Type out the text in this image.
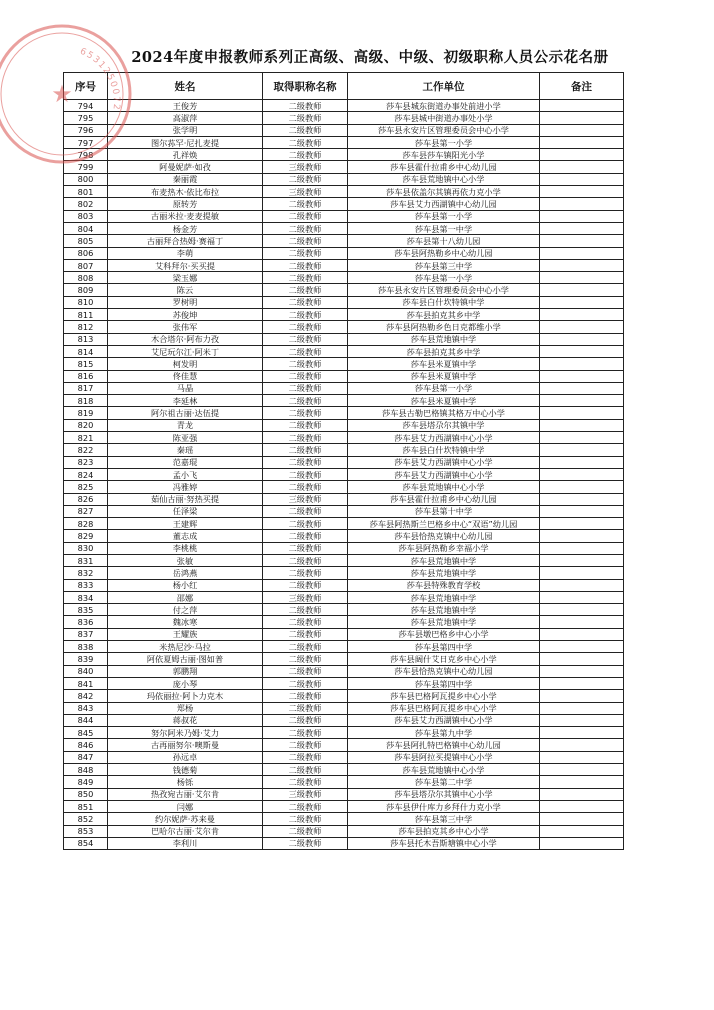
2024年度申报教师系列正高级、高级、中级、初级职称人员公示花名册
序号	姓名	取得职称名称	工作单位	备注
794	王俊芳	二级教师	莎车县城东街道办事处前进小学	
795	高淑萍	二级教师	莎车县城中街道办事处小学	
796	张学明	二级教师	莎车县永安片区管理委员会中心小学	
797	图尔荪罕·尼扎麦提	二级教师	莎车县第一小学	
798	孔祥焕	二级教师	莎车县莎车镇阳光小学	
799	阿曼妮萨·如孜	三级教师	莎车县霍什拉甫乡中心幼儿园	
800	秦丽霞	二级教师	莎车县荒地镇中心小学	
801	布麦热木·依比布拉	三级教师	莎车县依盖尔其镇再依力克小学	
802	原转芳	二级教师	莎车县艾力西湖镇中心幼儿园	
803	古丽米拉·麦麦提敏	二级教师	莎车县第一小学	
804	杨金芳	二级教师	莎车县第一中学	
805	古丽拜合热姆·赛福丁	二级教师	莎车县第十八幼儿园	
806	李萌	二级教师	莎车县阿热勒乡中心幼儿园	
807	艾科拜尔·买买提	二级教师	莎车县第三中学	
808	梁玉娜	二级教师	莎车县第一小学	
809	陈云	二级教师	莎车县永安片区管理委员会中心小学	
810	罗树明	二级教师	莎车县白什坎特镇中学	
811	苏俊坤	二级教师	莎车县拍克其乡中学	
812	张伟军	二级教师	莎车县阿热勒乡色日克都维小学	
813	木合塔尔·阿布力孜	二级教师	莎车县荒地镇中学	
814	艾尼玩尔江·阿米丁	二级教师	莎车县拍克其乡中学	
815	柯发明	二级教师	莎车县米夏镇中学	
816	佟佳慧	二级教师	莎车县米夏镇中学	
817	马晶	二级教师	莎车县第一小学	
818	李延林	二级教师	莎车县米夏镇中学	
819	阿尔祖古丽·达伍提	二级教师	莎车县古勒巴格镇其格万中心小学	
820	青龙	二级教师	莎车县塔尕尔其镇中学	
821	陈亚强	二级教师	莎车县艾力西湖镇中心小学	
822	秦瑶	二级教师	莎车县白什坎特镇中学	
823	范嘉琨	二级教师	莎车县艾力西湖镇中心小学	
824	孟小飞	二级教师	莎车县艾力西湖镇中心小学	
825	冯雅婷	二级教师	莎车县荒地镇中心小学	
826	茹仙古丽·努热买提	三级教师	莎车县霍什拉甫乡中心幼儿园	
827	任泽梁	二级教师	莎车县第十中学	
828	王建辉	二级教师	莎车县阿热斯兰巴格乡中心“双语”幼儿园	
829	董志成	二级教师	莎车县恰热克镇中心幼儿园	
830	李桃桃	二级教师	莎车县阿热勒乡幸福小学	
831	张敏	二级教师	莎车县荒地镇中学	
832	岳鸿燕	二级教师	莎车县荒地镇中学	
833	杨小红	二级教师	莎车县特殊教育学校	
834	邵娜	三级教师	莎车县荒地镇中学	
835	付之萍	二级教师	莎车县荒地镇中学	
836	魏冰寒	二级教师	莎车县荒地镇中学	
837	王耀族	二级教师	莎车县墩巴格乡中心小学	
838	米热尼沙·马拉	二级教师	莎车县第四中学	
839	阿依夏姆古丽·图如普	二级教师	莎车县阔什艾日克乡中心小学	
840	郭鹏翔	二级教师	莎车县恰热克镇中心幼儿园	
841	庞小琴	二级教师	莎车县第四中学	
842	玛依丽拉·阿卜力克木	二级教师	莎车县巴格阿瓦提乡中心小学	
843	郑杨	二级教师	莎车县巴格阿瓦提乡中心小学	
844	蒋叔花	二级教师	莎车县艾力西湖镇中心小学	
845	努尔阿米乃姆·艾力	二级教师	莎车县第九中学	
846	古再丽努尔·噢斯曼	二级教师	莎车县阿扎特巴格镇中心幼儿园	
847	孙远卓	二级教师	莎车县阿拉买提镇中心小学	
848	钱德菊	二级教师	莎车县荒地镇中心小学	
849	杨铄	二级教师	莎车县第二中学	
850	热孜宛古丽·艾尔肯	三级教师	莎车县塔尕尔其镇中心小学	
851	闫娜	二级教师	莎车县伊什库力乡拜什力克小学	
852	约尔妮萨·苏来曼	二级教师	莎车县第三中学	
853	巴哈尔古丽·艾尔肯	二级教师	莎车县拍克其乡中心小学	
854	李利川	二级教师	莎车县托木吾斯塘镇中心小学	
6531250072
★
